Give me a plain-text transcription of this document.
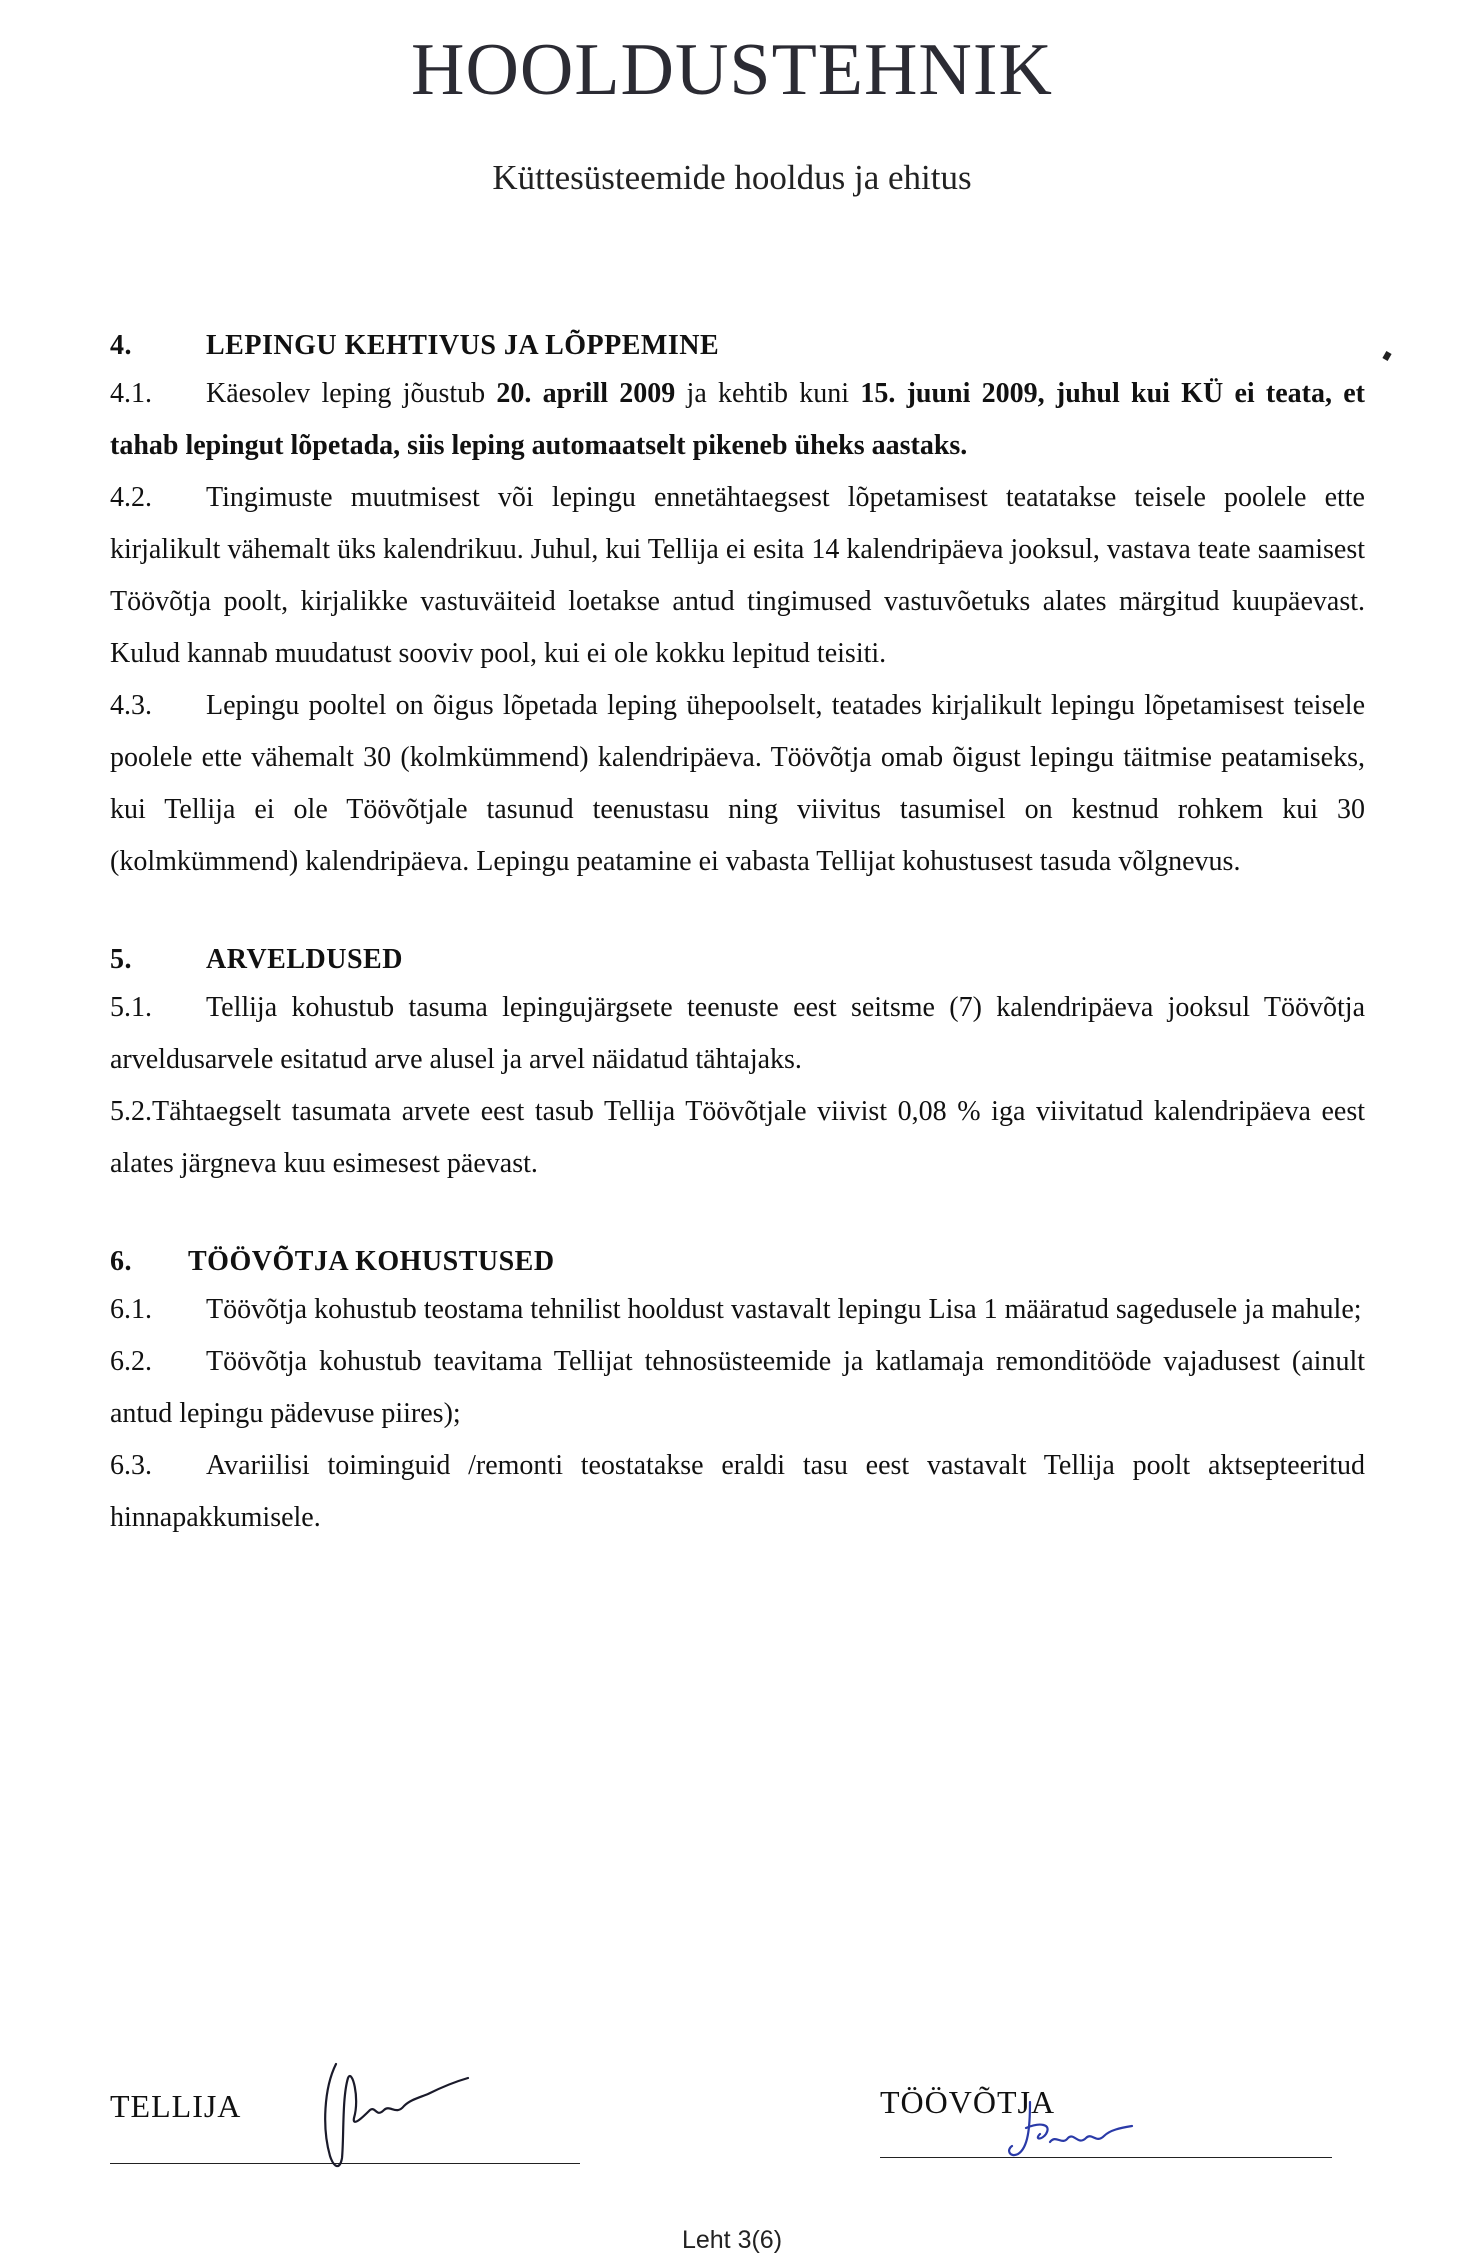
HOOLDUSTEHNIK
Küttesüsteemide hooldus ja ehitus
4.	LEPINGU KEHTIVUS JA LÕPPEMINE

4.1. Käesolev leping jõustub 20. aprill 2009 ja kehtib kuni 15. juuni 2009, juhul kui KÜ ei teata, et tahab lepingut lõpetada, siis leping automaatselt pikeneb üheks aastaks.

4.2. Tingimuste muutmisest või lepingu ennetähtaegsest lõpetamisest teatatakse teisele poolele ette kirjalikult vähemalt üks kalendrikuu. Juhul, kui Tellija ei esita 14 kalendripäeva jooksul, vastava teate saamisest Töövõtja poolt, kirjalikke vastuväiteid loetakse antud tingimused vastuvõetuks alates märgitud kuupäevast. Kulud kannab muudatust sooviv pool, kui ei ole kokku lepitud teisiti.

4.3. Lepingu pooltel on õigus lõpetada leping ühepoolselt, teatades kirjalikult lepingu lõpetamisest teisele poolele ette vähemalt 30 (kolmkümmend) kalendripäeva. Töövõtja omab õigust lepingu täitmise peatamiseks, kui Tellija ei ole Töövõtjale tasunud teenustasu ning viivitus tasumisel on kestnud rohkem kui 30 (kolmkümmend) kalendripäeva. Lepingu peatamine ei vabasta Tellijat kohustusest tasuda võlgnevus.

5.	ARVELDUSED

5.1. Tellija kohustub tasuma lepingujärgsete teenuste eest seitsme (7) kalendripäeva jooksul Töövõtja arveldusarvele esitatud arve alusel ja arvel näidatud tähtajaks.

5.2.Tähtaegselt tasumata arvete eest tasub Tellija Töövõtjale viivist 0,08 % iga viivitatud kalendripäeva eest alates järgneva kuu esimesest päevast.

6.	TÖÖVÕTJA KOHUSTUSED

6.1. Töövõtja kohustub teostama tehnilist hooldust vastavalt lepingu Lisa 1 määratud sagedusele ja mahule;

6.2. Töövõtja kohustub teavitama Tellijat tehnosüsteemide ja katlamaja remonditööde vajadusest (ainult antud lepingu pädevuse piires);

6.3. Avariilisi toiminguid /remonti teostatakse eraldi tasu eest vastavalt Tellija poolt aktsepteeritud hinnapakkumisele.

TELLIJA	TÖÖVÕTJA
Leht 3(6)
